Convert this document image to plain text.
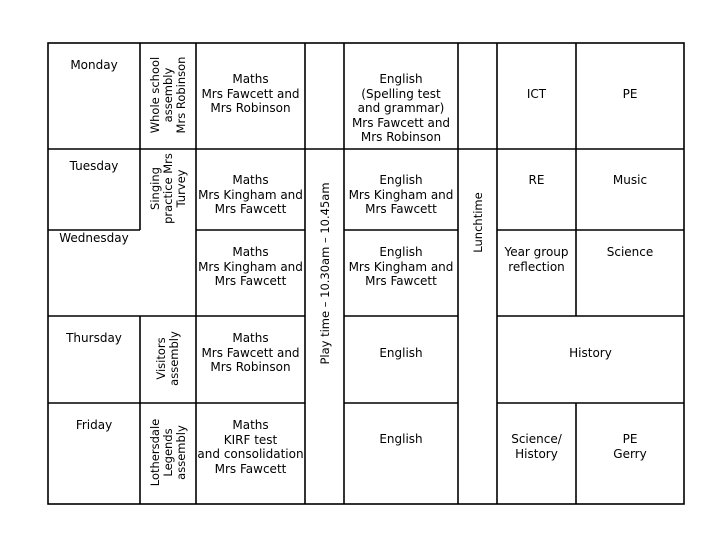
Monday
Tuesday
Wednesday
Thursday
Friday
Whole school
assembly
Mrs Robinson
Singing
practice Mrs
Turvey
Visitors
assembly
Lothersdale
Legends
assembly
Maths
Mrs Fawcett and
Mrs Robinson
Maths
Mrs Kingham and
Mrs Fawcett
Maths
Mrs Kingham and
Mrs Fawcett
Maths
Mrs Fawcett and
Mrs Robinson
Maths
KIRF test
and consolidation
Mrs Fawcett
Play time – 10.30am – 10.45am
English
(Spelling test
and grammar)
Mrs Fawcett and
Mrs Robinson
English
Mrs Kingham and
Mrs Fawcett
English
Mrs Kingham and
Mrs Fawcett
English
English
Lunchtime
ICT	PE
RE	Music
Year group
reflection
Science
History
Science/
History
PE
Gerry
